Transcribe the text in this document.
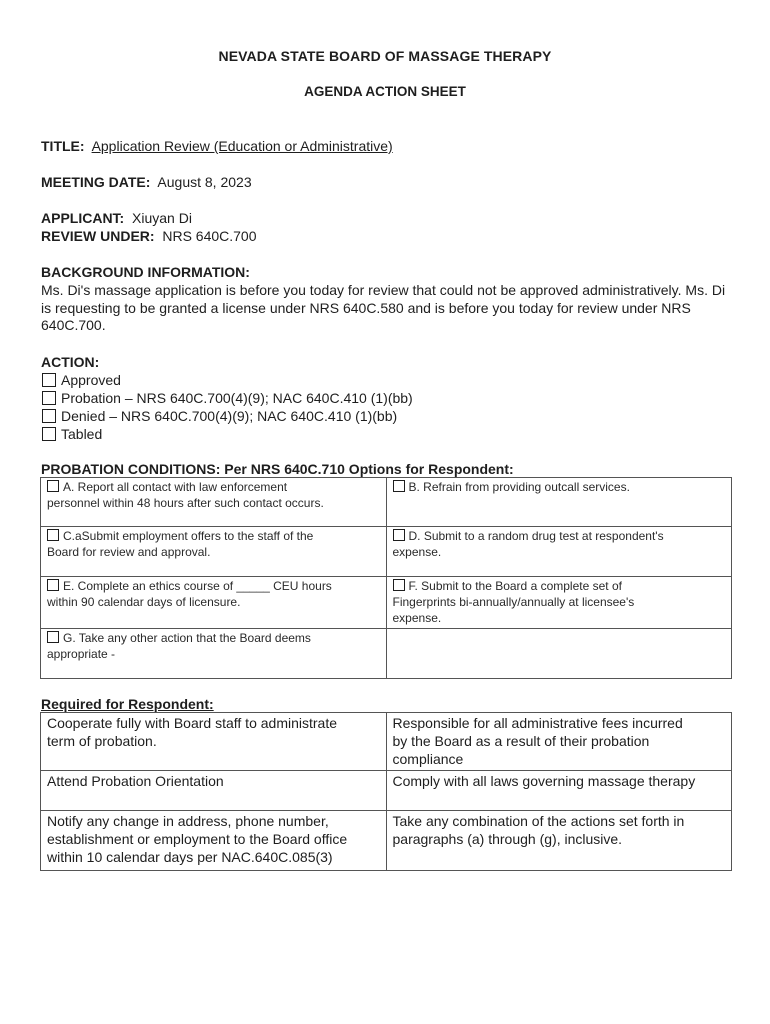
NEVADA STATE BOARD OF MASSAGE THERAPY
AGENDA ACTION SHEET
TITLE: Application Review (Education or Administrative)
MEETING DATE: August 8, 2023
APPLICANT: Xiuyan Di
REVIEW UNDER: NRS 640C.700
BACKGROUND INFORMATION:
Ms. Di's massage application is before you today for review that could not be approved administratively. Ms. Di is requesting to be granted a license under NRS 640C.580 and is before you today for review under NRS 640C.700.
ACTION:
Approved
Probation – NRS 640C.700(4)(9); NAC 640C.410 (1)(bb)
Denied – NRS 640C.700(4)(9); NAC 640C.410 (1)(bb)
Tabled
PROBATION CONDITIONS: Per NRS 640C.710 Options for Respondent:
A. Report all contact with law enforcement
personnel within 48 hours after such contact occurs.	B. Refrain from providing outcall services.
C.aSubmit employment offers to the staff of the
Board for review and approval.	D. Submit to a random drug test at respondent's
expense.
E. Complete an ethics course of _____ CEU hours
within 90 calendar days of licensure.	F. Submit to the Board a complete set of
Fingerprints bi-annually/annually at licensee's
expense.
G. Take any other action that the Board deems
appropriate -	
Required for Respondent:
Cooperate fully with Board staff to administrate
term of probation.	Responsible for all administrative fees incurred
by the Board as a result of their probation
compliance
Attend Probation Orientation	Comply with all laws governing massage therapy
Notify any change in address, phone number,
establishment or employment to the Board office
within 10 calendar days per NAC.640C.085(3)	Take any combination of the actions set forth in
paragraphs (a) through (g), inclusive.
